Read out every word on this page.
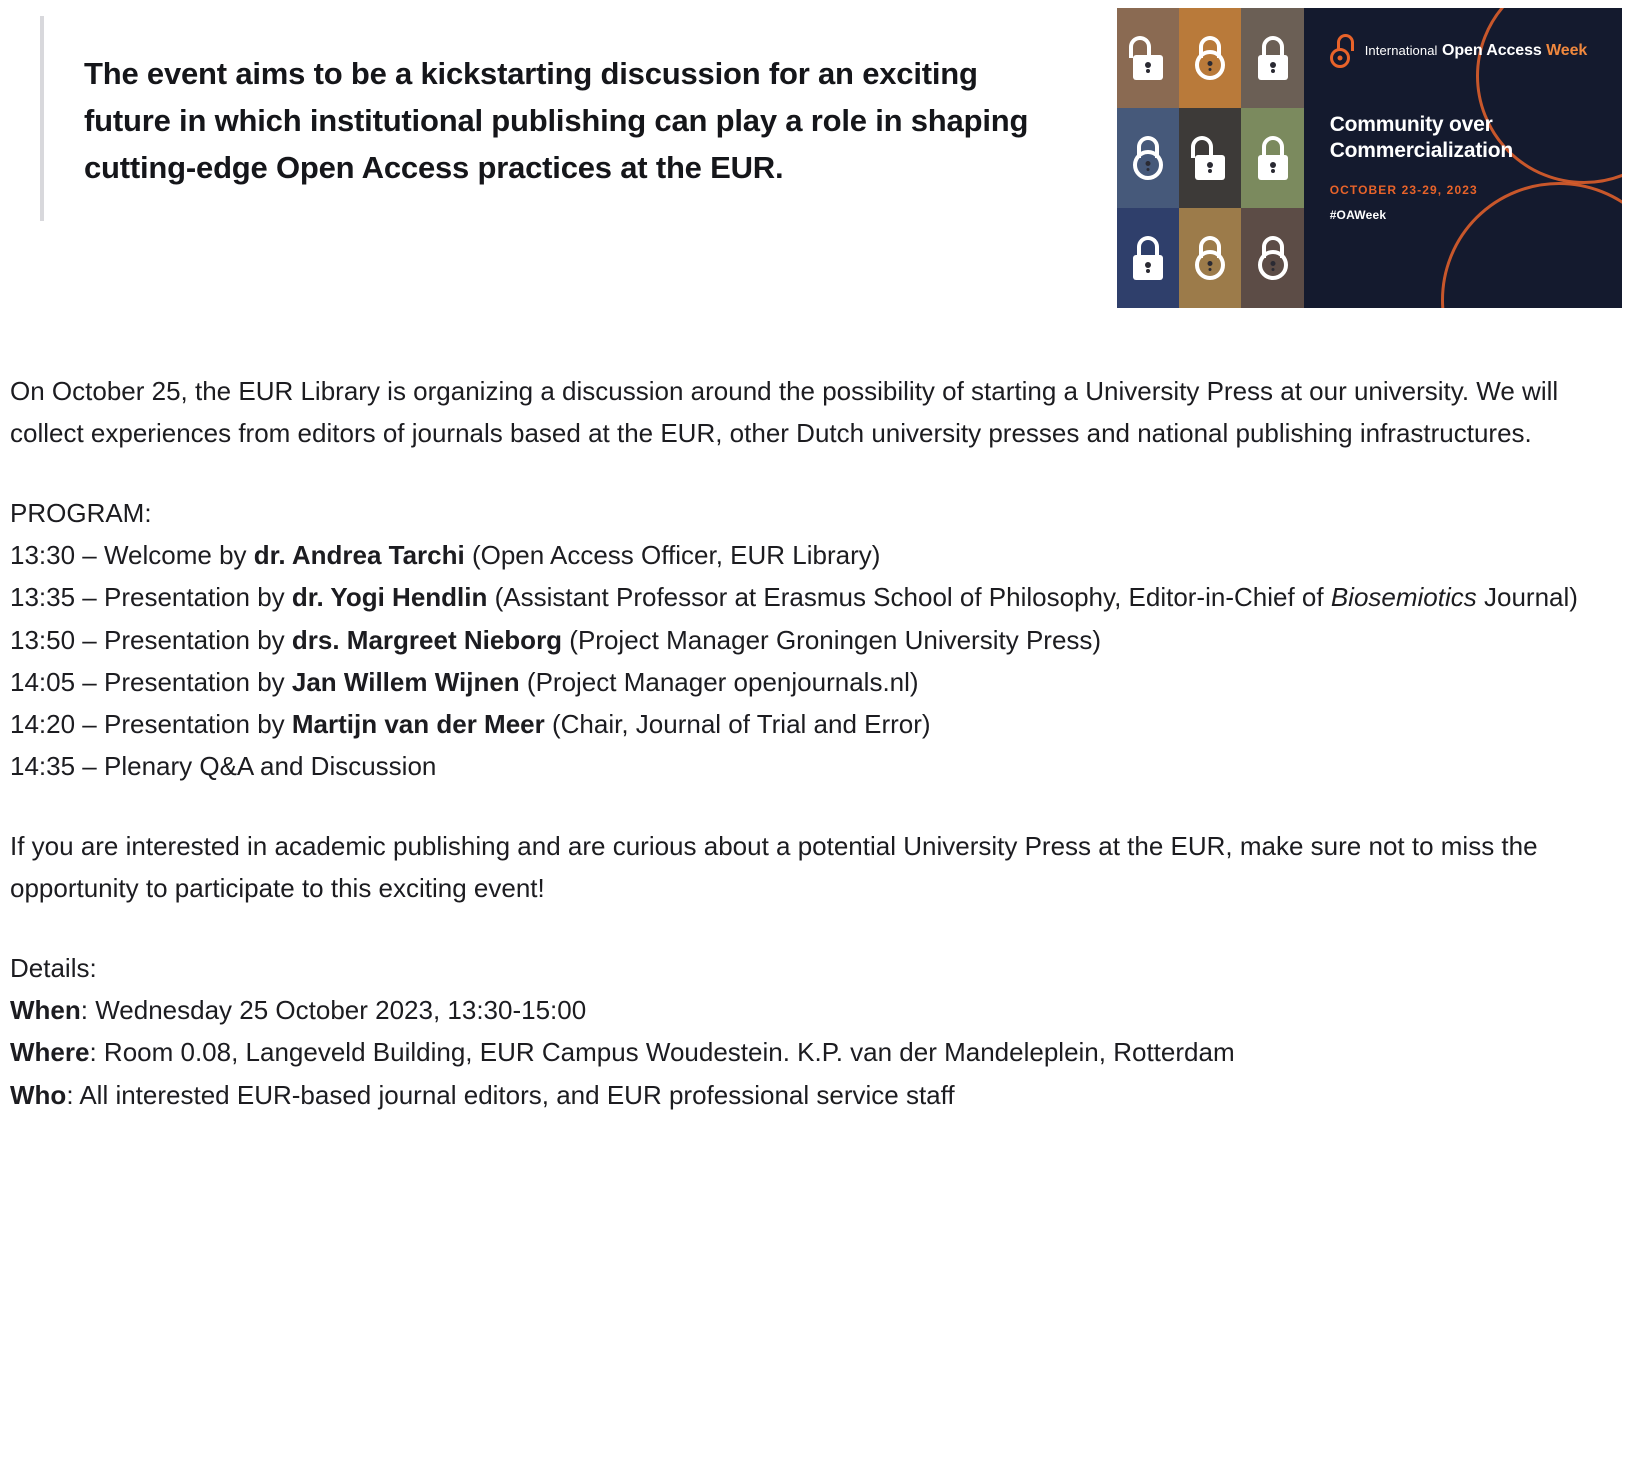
The event aims to be a kickstarting discussion for an exciting future in which institutional publishing can play a role in shaping cutting-edge Open Access practices at the EUR.

International Open Access Week
Community over Commercialization
OCTOBER 23-29, 2023
#OAWeek

On October 25, the EUR Library is organizing a discussion around the possibility of starting a University Press at our university. We will collect experiences from editors of journals based at the EUR, other Dutch university presses and national publishing infrastructures.

PROGRAM:

13:30 – Welcome by dr. Andrea Tarchi (Open Access Officer, EUR Library)
13:35 – Presentation by dr. Yogi Hendlin (Assistant Professor at Erasmus School of Philosophy, Editor-in-Chief of Biosemiotics Journal)
13:50 – Presentation by drs. Margreet Nieborg (Project Manager Groningen University Press)
14:05 – Presentation by Jan Willem Wijnen (Project Manager openjournals.nl)
14:20 – Presentation by Martijn van der Meer (Chair, Journal of Trial and Error)
14:35 – Plenary Q&A and Discussion

If you are interested in academic publishing and are curious about a potential University Press at the EUR, make sure not to miss the opportunity to participate to this exciting event!

Details:

When: Wednesday 25 October 2023, 13:30-15:00
Where: Room 0.08, Langeveld Building, EUR Campus Woudestein. K.P. van der Mandeleplein, Rotterdam
Who: All interested EUR-based journal editors, and EUR professional service staff
